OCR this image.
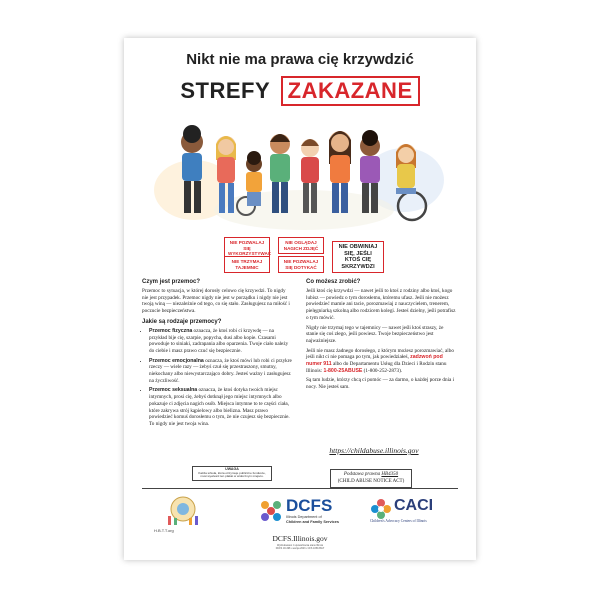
Nikt nie ma prawa cię krzywdzić
STREFY ZAKAZANE
NIE POZWALAJ SIĘ WYKORZYSTYWAĆ
NIE OGLĄDAJ NAGICH ZDJĘĆ
NIE TRZYMAJ TAJEMNIC
NIE POZWALAJ SIĘ DOTYKAĆ
NIE OBWINIAJ SIĘ, JEŚLI KTOŚ CIĘ SKRZYWDZI
Czym jest przemoc?

Przemoc to sytuacja, w której dorosły celowo cię krzywdzi. To nigdy nie jest przypadek. Przemoc nigdy nie jest w porządku i nigdy nie jest twoją winą — niezależnie od tego, co się stało. Zasługujesz na miłość i poczucie bezpieczeństwa.

Jakie są rodzaje przemocy?
• Przemoc fizyczna oznacza, że ktoś robi ci krzywdę — na przykład bije cię, szarpie, popycha, dusi albo kopie. Czasami powoduje to siniaki, zadrapania albo oparzenia. Twoje ciało należy do ciebie i masz prawo czuć się bezpiecznie.
• Przemoc emocjonalna oznacza, że ktoś mówi lub robi ci przykre rzeczy — wiele razy — żebyś czuł się przestraszony, smutny, niekochany albo niewystarczająco dobry. Jesteś ważny i zasługujesz na życzliwość.
• Przemoc seksualna oznacza, że ktoś dotyka twoich miejsc intymnych, prosi cię, żebyś dotknął jego miejsc intymnych albo pokazuje ci zdjęcia nagich osób. Miejsca intymne to te części ciała, które zakrywa strój kąpielowy albo bielizna. Masz prawo powiedzieć komuś dorosłemu o tym, że nie czujesz się bezpiecznie. To nigdy nie jest twoja wina.
Co możesz zrobić?

Jeśli ktoś cię krzywdzi — nawet jeśli to ktoś z rodziny albo ktoś, kogo lubisz — powiedz o tym dorosłemu, któremu ufasz. Jeśli nie możesz powiedzieć mamie ani tacie, porozmawiaj z nauczycielem, trenerem, pielęgniarką szkolną albo rodzicem kolegi. Jesteś dzielny, jeśli potrafisz o tym mówić.

Nigdy nie trzymaj tego w tajemnicy — nawet jeśli ktoś straszy, że stanie się coś złego, jeśli powiesz. Twoje bezpieczeństwo jest najważniejsze.

Jeśli nie masz żadnego dorosłego, z którym możesz porozmawiać, albo jeśli nikt ci nie pomaga po tym, jak powiedziałeś, zadzwoń pod numer 911 albo do Departamentu Usług dla Dzieci i Rodzin stanu Illinois: 1-800-25ABUSE (1-800-252-2873).

Są tam ludzie, którzy chcą ci pomóc — za darmo, o każdej porze dnia i nocy. Nie jesteś sam.

https://childabuse.illinois.gov
UWAGA
Każda szkoła, która otrzymuje publiczne fundusze, musi wywiesić ten plakat w widocznym miejscu.	Podstawa prawna HB4350
(CHILD ABUSE NOTICE ACT)
H.B.T.T.org
DCFS
Illinois Department of
Children and Family Services
CACI
Children's Advocacy Centers of Illinois
DCFS.Illinois.gov
Wydrukowano z upoważnienia stanu Illinois
DCFS 18-498 • wersja 2023 • CFS 1050-89-P
